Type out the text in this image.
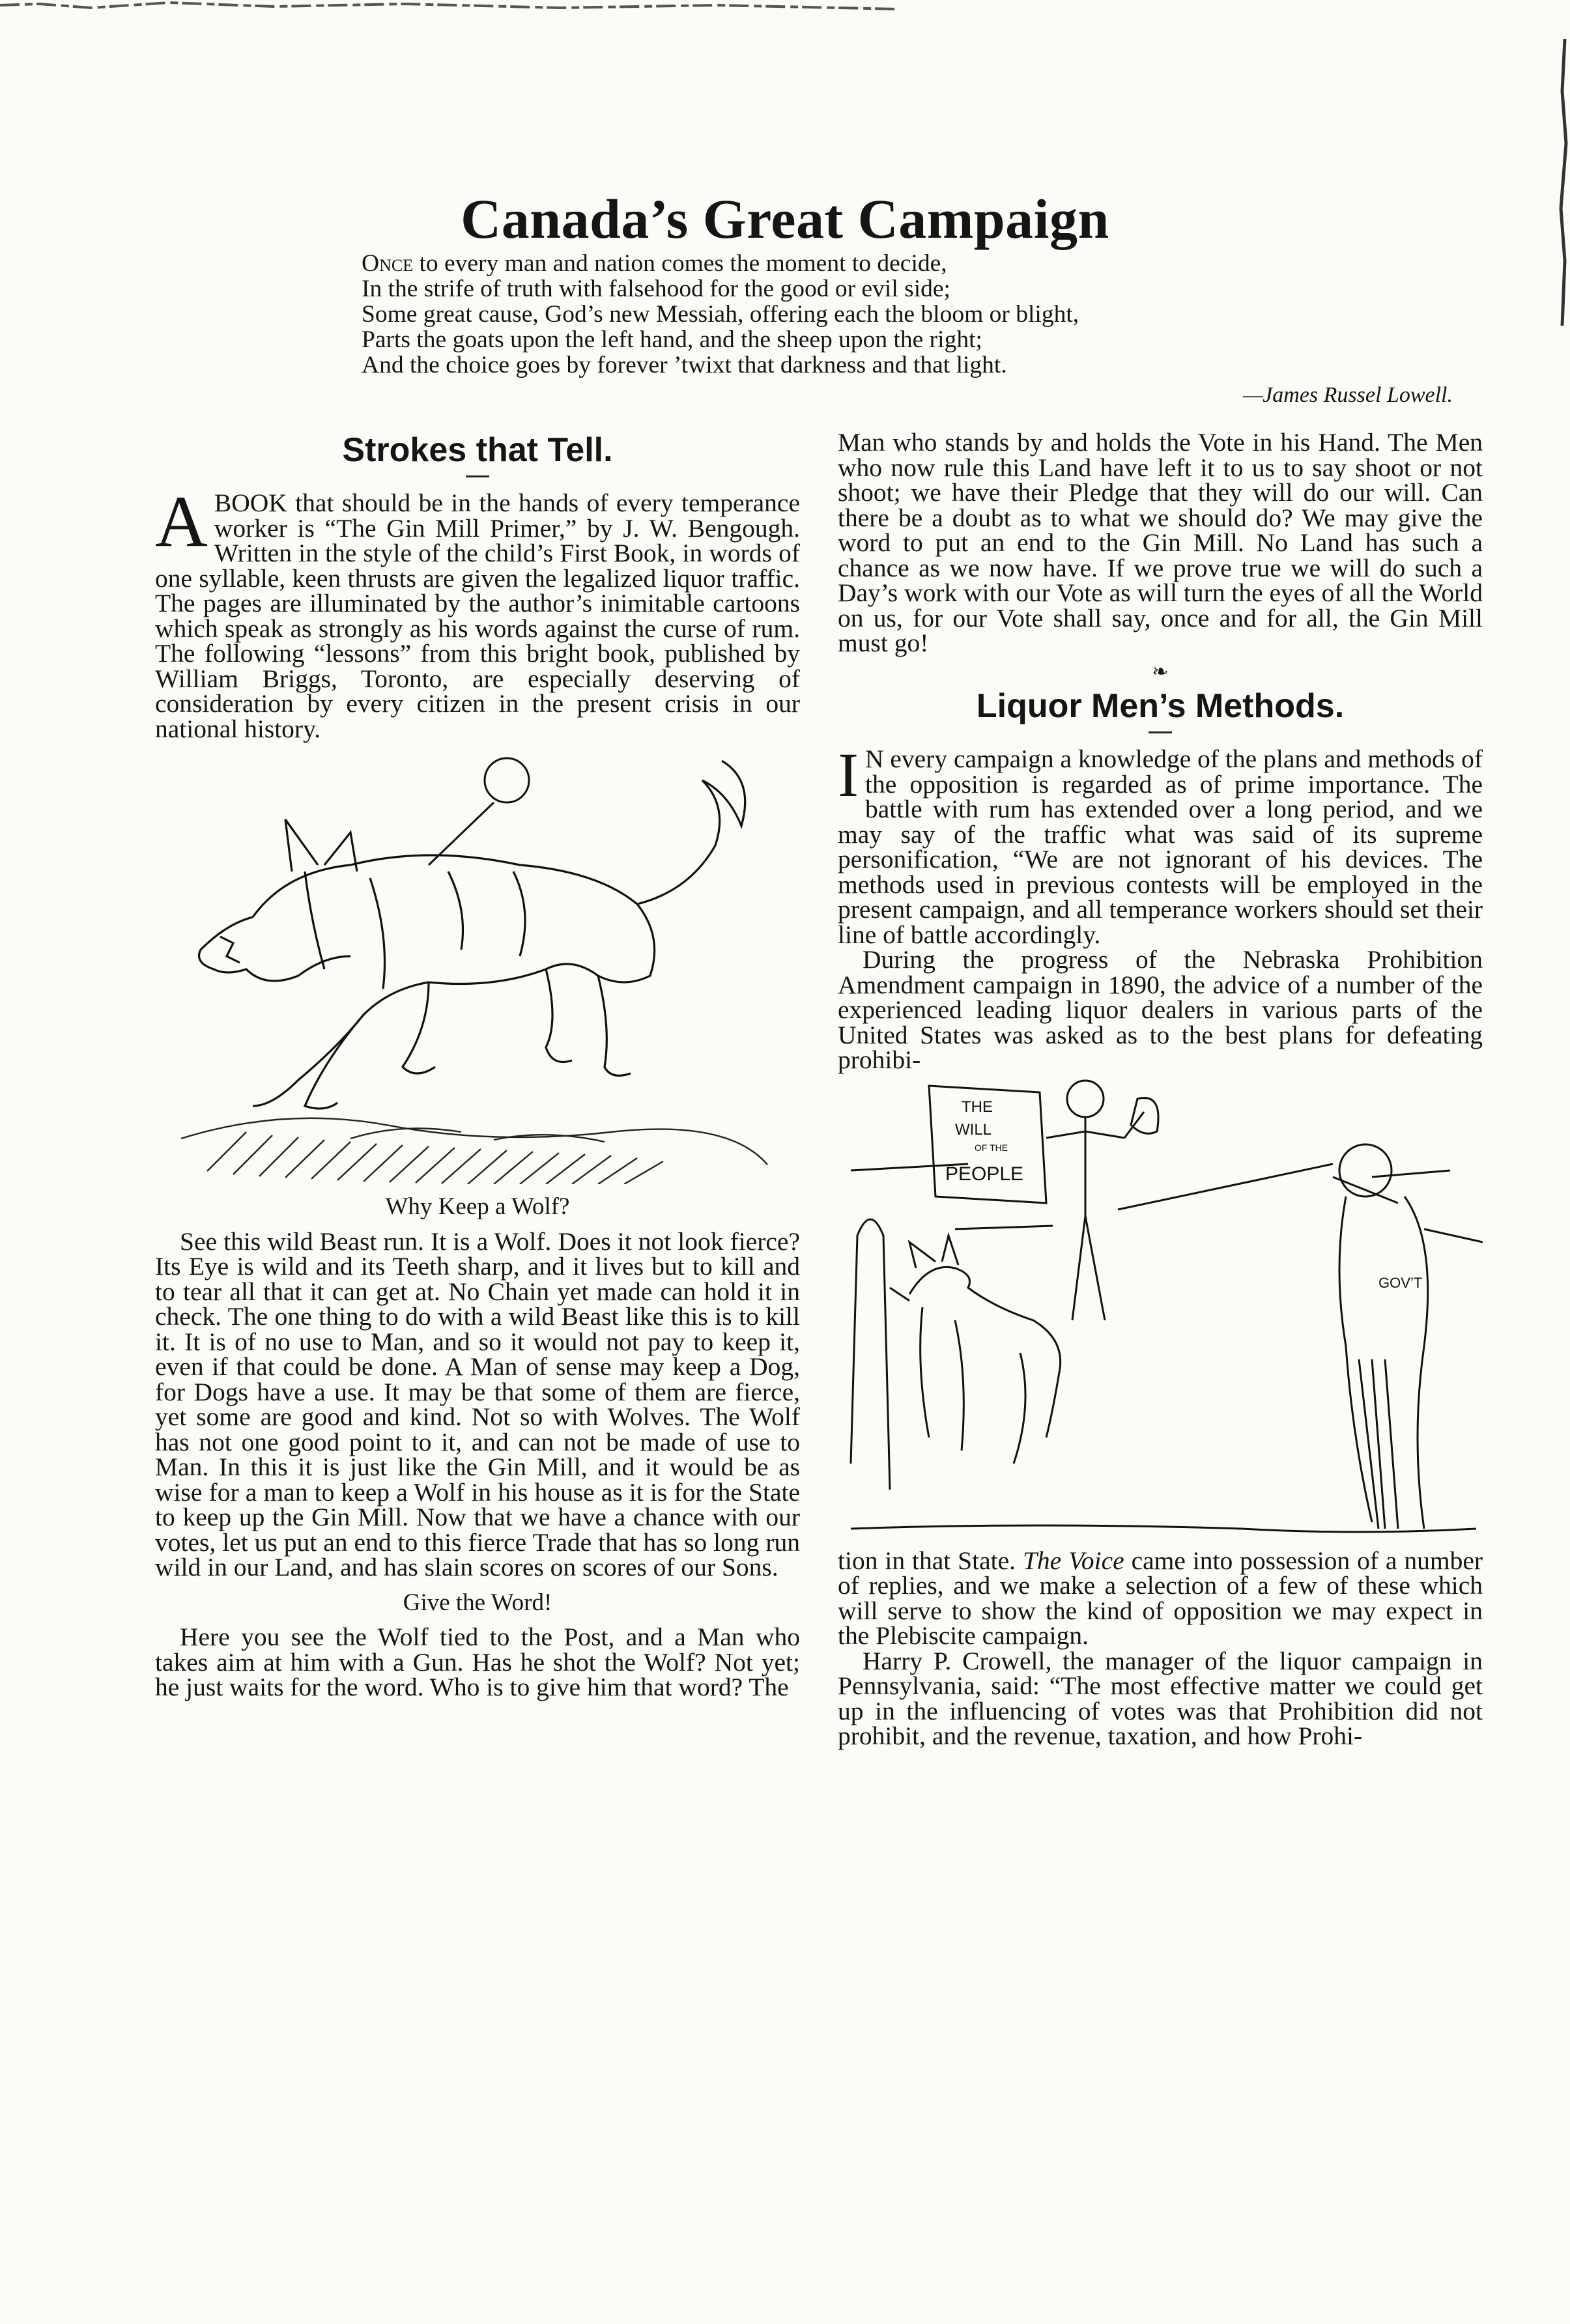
Canada’s Great Campaign
Once to every man and nation comes the moment to decide,
In the strife of truth with falsehood for the good or evil side;
Some great cause, God’s new Messiah, offering each the bloom or blight,
Parts the goats upon the left hand, and the sheep upon the right;
And the choice goes by forever ’twixt that darkness and that light.
—James Russel Lowell.
Strokes that Tell.

ABOOK that should be in the hands of every temperance worker is “The Gin Mill Primer,” by J. W. Bengough. Written in the style of the child’s First Book, in words of one syllable, keen thrusts are given the legalized liquor traffic. The pages are illuminated by the author’s inimitable cartoons which speak as strongly as his words against the curse of rum. The following “lessons” from this bright book, published by William Briggs, Toronto, are especially deserving of consideration by every citizen in the present crisis in our national history.

Why Keep a Wolf?

See this wild Beast run. It is a Wolf. Does it not look fierce? Its Eye is wild and its Teeth sharp, and it lives but to kill and to tear all that it can get at. No Chain yet made can hold it in check. The one thing to do with a wild Beast like this is to kill it. It is of no use to Man, and so it would not pay to keep it, even if that could be done. A Man of sense may keep a Dog, for Dogs have a use. It may be that some of them are fierce, yet some are good and kind. Not so with Wolves. The Wolf has not one good point to it, and can not be made of use to Man. In this it is just like the Gin Mill, and it would be as wise for a man to keep a Wolf in his house as it is for the State to keep up the Gin Mill. Now that we have a chance with our votes, let us put an end to this fierce Trade that has so long run wild in our Land, and has slain scores on scores of our Sons.

Give the Word!

Here you see the Wolf tied to the Post, and a Man who takes aim at him with a Gun. Has he shot the Wolf? Not yet; he just waits for the word. Who is to give him that word? The

Man who stands by and holds the Vote in his Hand. The Men who now rule this Land have left it to us to say shoot or not shoot; we have their Pledge that they will do our will. Can there be a doubt as to what we should do? We may give the word to put an end to the Gin Mill. No Land has such a chance as we now have. If we prove true we will do such a Day’s work with our Vote as will turn the eyes of all the World on us, for our Vote shall say, once and for all, the Gin Mill must go!

❧
Liquor Men’s Methods.

I N every campaign a knowledge of the plans and methods of the opposition is regarded as of prime importance. The battle with rum has extended over a long period, and we may say of the traffic what was said of its supreme personification, “We are not ignorant of his devices. The methods used in previous contests will be employed in the present campaign, and all temperance workers should set their line of battle accordingly.

During the progress of the Nebraska Prohibition Amendment campaign in 1890, the advice of a number of the experienced leading liquor dealers in various parts of the United States was asked as to the best plans for defeating prohibi-

THE
WILL
OF THE
PEOPLE
GOV’T

tion in that State. The Voice came into possession of a number of replies, and we make a selection of a few of these which will serve to show the kind of opposition we may expect in the Plebiscite campaign.

Harry P. Crowell, the manager of the liquor campaign in Pennsylvania, said: “The most effective matter we could get up in the influencing of votes was that Prohibition did not prohibit, and the revenue, taxation, and how Prohi-
